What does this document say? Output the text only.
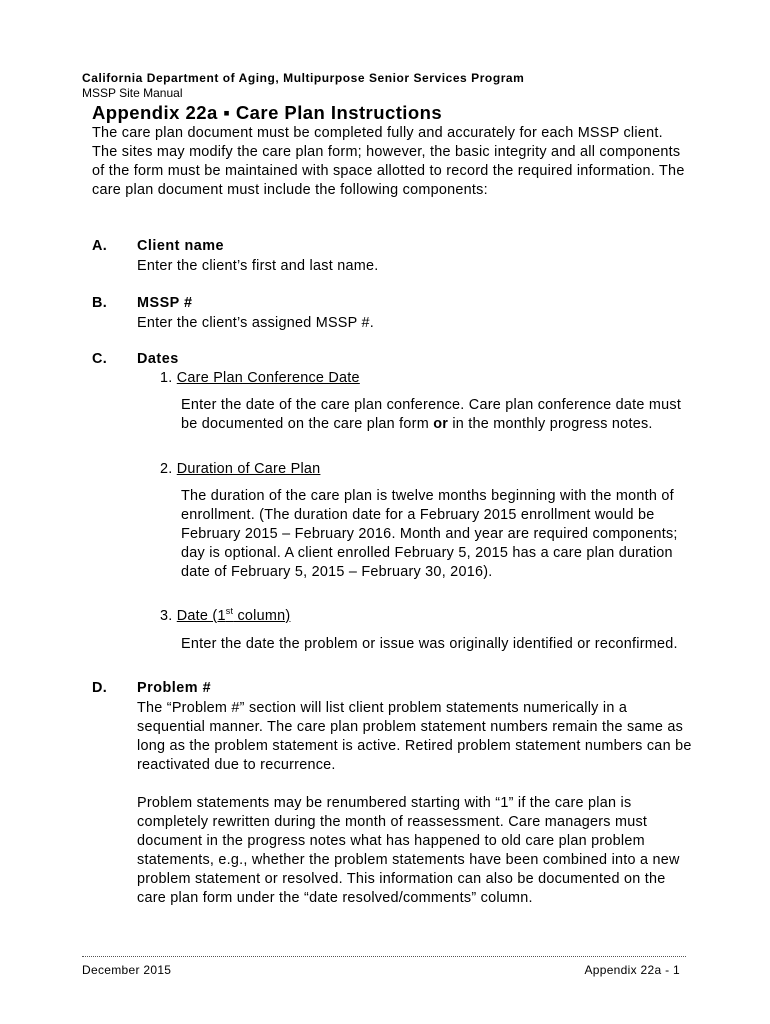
California Department of Aging, Multipurpose Senior Services Program
MSSP Site Manual
Appendix 22a ▪ Care Plan Instructions
The care plan document must be completed fully and accurately for each MSSP client. The sites may modify the care plan form; however, the basic integrity and all components of the form must be maintained with space allotted to record the required information. The care plan document must include the following components:
A. Client name
Enter the client’s first and last name.
B. MSSP #
Enter the client’s assigned MSSP #.
C. Dates
1. Care Plan Conference Date
Enter the date of the care plan conference. Care plan conference date must be documented on the care plan form or in the monthly progress notes.
2. Duration of Care Plan
The duration of the care plan is twelve months beginning with the month of enrollment. (The duration date for a February 2015 enrollment would be February 2015 – February 2016. Month and year are required components; day is optional. A client enrolled February 5, 2015 has a care plan duration date of February 5, 2015 – February 30, 2016).
3. Date (1st column)
Enter the date the problem or issue was originally identified or reconfirmed.
D. Problem #
The “Problem #” section will list client problem statements numerically in a sequential manner. The care plan problem statement numbers remain the same as long as the problem statement is active. Retired problem statement numbers can be reactivated due to recurrence.
Problem statements may be renumbered starting with “1” if the care plan is completely rewritten during the month of reassessment. Care managers must document in the progress notes what has happened to old care plan problem statements, e.g., whether the problem statements have been combined into a new problem statement or resolved. This information can also be documented on the care plan form under the “date resolved/comments” column.
December 2015	Appendix 22a - 1
